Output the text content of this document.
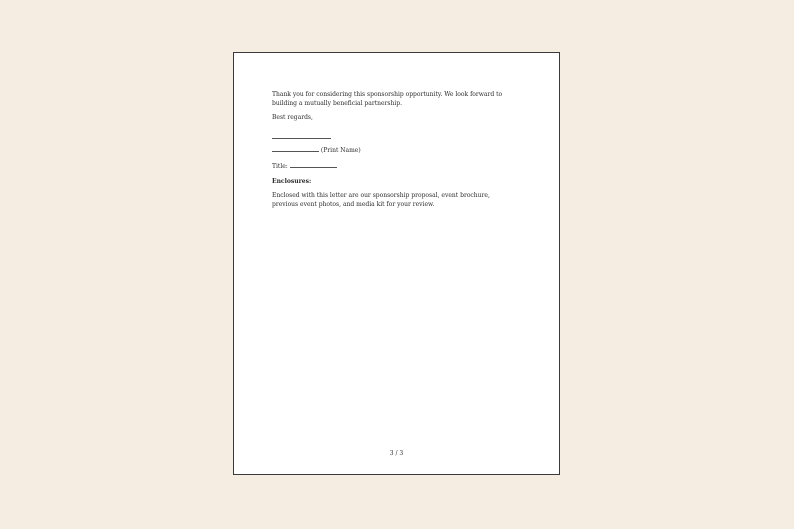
Thank you for considering this sponsorship opportunity. We look forward to building a mutually beneficial partnership.

Best regards,

(Print Name)
Title:

Enclosures:

Enclosed with this letter are our sponsorship proposal, event brochure, previous event photos, and media kit for your review.

3 / 3
